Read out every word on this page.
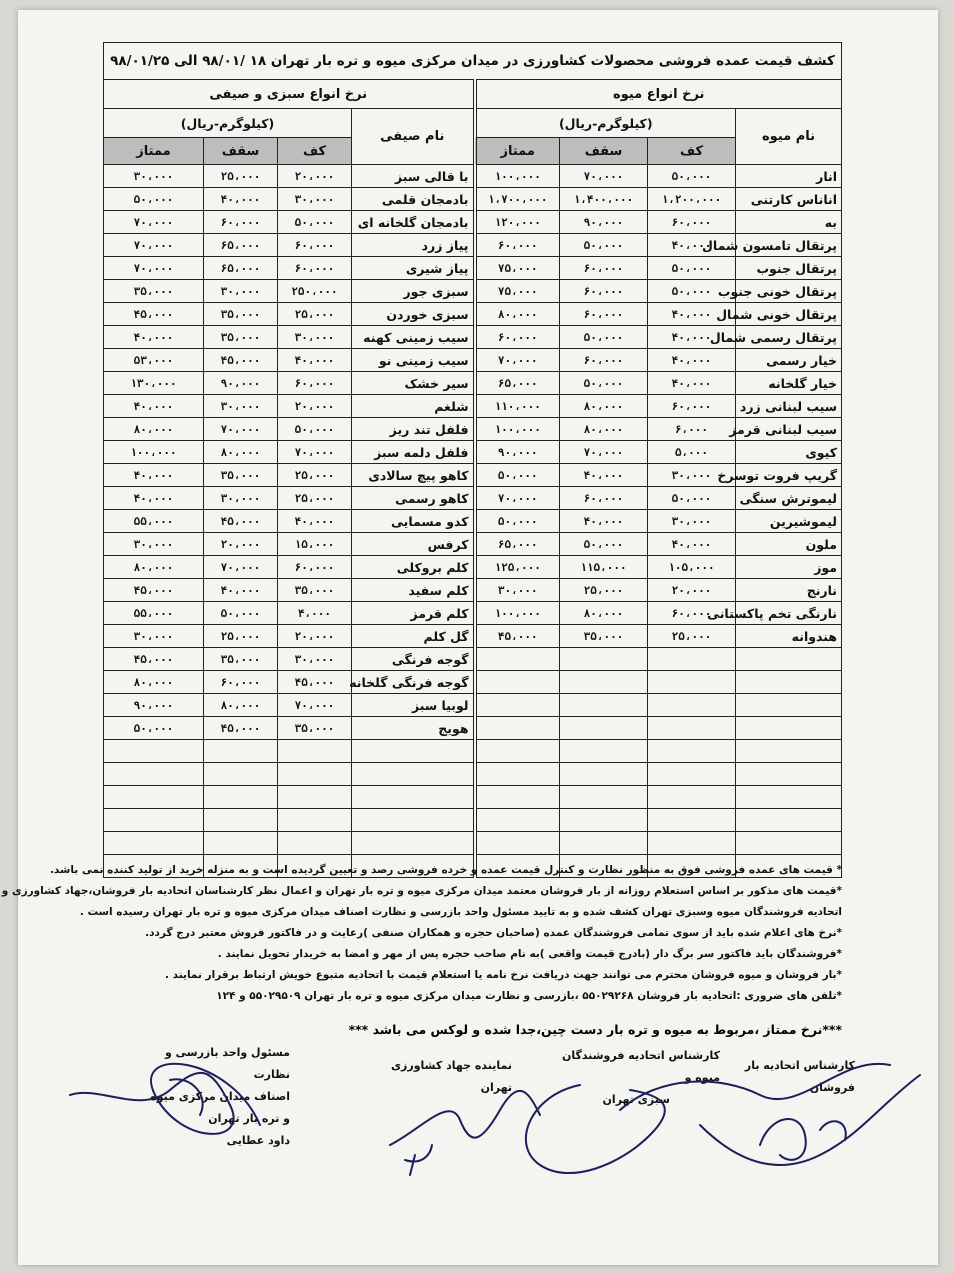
کشف قیمت عمده فروشی محصولات کشاورزی در میدان مرکزی میوه و تره بار تهران ۱۸ /۹۸/۰۱ الی ۹۸/۰۱/۲۵							
نرخ انواع میوه				نرخ انواع سبزی و صیفی			
نام میوه	(کیلوگرم-ریال)			نام صیفی	(کیلوگرم-ریال)		
	کف	سقف	ممتاز		کف	سقف	ممتاز
انار	۵۰،۰۰۰	۷۰،۰۰۰	۱۰۰،۰۰۰	با قالی سبز	۲۰،۰۰۰	۲۵،۰۰۰	۳۰،۰۰۰
اناناس کارتنی	۱،۲۰۰،۰۰۰	۱،۴۰۰،۰۰۰	۱،۷۰۰،۰۰۰	بادمجان قلمی	۳۰،۰۰۰	۴۰،۰۰۰	۵۰،۰۰۰
به	۶۰،۰۰۰	۹۰،۰۰۰	۱۲۰،۰۰۰	بادمجان گلخانه ای	۵۰،۰۰۰	۶۰،۰۰۰	۷۰،۰۰۰
پرتقال تامسون شمال	۴۰،۰۰۰	۵۰،۰۰۰	۶۰،۰۰۰	پیاز زرد	۶۰،۰۰۰	۶۵،۰۰۰	۷۰،۰۰۰
پرتقال جنوب	۵۰،۰۰۰	۶۰،۰۰۰	۷۵،۰۰۰	پیاز شیری	۶۰،۰۰۰	۶۵،۰۰۰	۷۰،۰۰۰
پرتقال خونی جنوب	۵۰،۰۰۰	۶۰،۰۰۰	۷۵،۰۰۰	سبزی جور	۲۵۰،۰۰۰	۳۰،۰۰۰	۳۵،۰۰۰
پرتقال خونی شمال	۴۰،۰۰۰	۶۰،۰۰۰	۸۰،۰۰۰	سبزی خوردن	۲۵،۰۰۰	۳۵،۰۰۰	۴۵،۰۰۰
پرتقال رسمی شمال	۴۰،۰۰۰	۵۰،۰۰۰	۶۰،۰۰۰	سیب زمینی کهنه	۳۰،۰۰۰	۳۵،۰۰۰	۴۰،۰۰۰
خیار رسمی	۴۰،۰۰۰	۶۰،۰۰۰	۷۰،۰۰۰	سیب زمینی نو	۴۰،۰۰۰	۴۵،۰۰۰	۵۳،۰۰۰
خیار گلخانه	۴۰،۰۰۰	۵۰،۰۰۰	۶۵،۰۰۰	سیر خشک	۶۰،۰۰۰	۹۰،۰۰۰	۱۳۰،۰۰۰
سیب لبنانی زرد	۶۰،۰۰۰	۸۰،۰۰۰	۱۱۰،۰۰۰	شلغم	۲۰،۰۰۰	۳۰،۰۰۰	۴۰،۰۰۰
سیب لبنانی قرمز	۶،۰۰۰	۸۰،۰۰۰	۱۰۰،۰۰۰	فلفل تند ریز	۵۰،۰۰۰	۷۰،۰۰۰	۸۰،۰۰۰
کیوی	۵،۰۰۰	۷۰،۰۰۰	۹۰،۰۰۰	فلفل دلمه سبز	۷۰،۰۰۰	۸۰،۰۰۰	۱۰۰،۰۰۰
گریپ فروت توسرخ	۳۰،۰۰۰	۴۰،۰۰۰	۵۰،۰۰۰	کاهو پیچ سالادی	۲۵،۰۰۰	۳۵،۰۰۰	۴۰،۰۰۰
لیموترش سنگی	۵۰،۰۰۰	۶۰،۰۰۰	۷۰،۰۰۰	کاهو رسمی	۲۵،۰۰۰	۳۰،۰۰۰	۴۰،۰۰۰
لیموشیرین	۳۰،۰۰۰	۴۰،۰۰۰	۵۰،۰۰۰	کدو مسمایی	۴۰،۰۰۰	۴۵،۰۰۰	۵۵،۰۰۰
ملون	۴۰،۰۰۰	۵۰،۰۰۰	۶۵،۰۰۰	کرفس	۱۵،۰۰۰	۲۰،۰۰۰	۳۰،۰۰۰
موز	۱۰۵،۰۰۰	۱۱۵،۰۰۰	۱۲۵،۰۰۰	کلم بروکلی	۶۰،۰۰۰	۷۰،۰۰۰	۸۰،۰۰۰
نارنج	۲۰،۰۰۰	۲۵،۰۰۰	۳۰،۰۰۰	کلم سفید	۳۵،۰۰۰	۴۰،۰۰۰	۴۵،۰۰۰
نارنگی تخم پاکستانی	۶۰،۰۰۰	۸۰،۰۰۰	۱۰۰،۰۰۰	کلم قرمز	۴،۰۰۰	۵۰،۰۰۰	۵۵،۰۰۰
هندوانه	۲۵،۰۰۰	۳۵،۰۰۰	۴۵،۰۰۰	گل کلم	۲۰،۰۰۰	۲۵،۰۰۰	۳۰،۰۰۰
				گوجه فرنگی	۳۰،۰۰۰	۳۵،۰۰۰	۴۵،۰۰۰
				گوجه فرنگی گلخانه	۴۵،۰۰۰	۶۰،۰۰۰	۸۰،۰۰۰
				لوبیا سبز	۷۰،۰۰۰	۸۰،۰۰۰	۹۰،۰۰۰
				هویج	۳۵،۰۰۰	۴۵،۰۰۰	۵۰،۰۰۰

* قیمت های عمده فروشی فوق به منظور نظارت و کنترل قیمت عمده و خرده فروشی رصد و تعیین گردیده است و به منزله خرید از تولید کننده نمی باشد.

*قیمت های مذکور بر اساس استعلام روزانه از بار فروشان معتمد میدان مرکزی میوه و تره بار تهران و اعمال نظر کارشناسان اتحادیه بار فروشان،جهاد کشاورزی و

اتحادیه فروشندگان میوه وسبزی تهران کشف شده و به تایید مسئول واحد بازرسی و نظارت اصناف میدان مرکزی میوه و تره بار تهران رسیده است .

*نرخ های اعلام شده باید از سوی تمامی فروشندگان عمده (صاحبان حجره و همکاران صنفی )رعایت و در فاکتور فروش معتبر درج گردد.

*فروشندگان باید فاکتور سر برگ دار (بادرج قیمت واقعی )به نام صاحب حجره پس از مهر و امضا به خریدار تحویل نمایند .

*بار فروشان و میوه فروشان محترم می توانند جهت دریافت نرخ نامه یا استعلام قیمت با اتحادیه متبوع خویش ارتباط برقرار نمایند .

*تلفن های ضروری :اتحادیه بار فروشان ۵۵۰۲۹۲۶۸ ،بازرسی و نظارت میدان مرکزی میوه و تره بار تهران ۵۵۰۲۹۵۰۹ و ۱۲۴

***نرخ ممتاز ،مربوط به میوه و تره بار دست چین،جدا شده و لوکس می باشد ***
مسئول واحد بازرسی و نظارت
اصناف میدان مرکزی میوه و تره بار تهران
داود عطایی
نماینده جهاد کشاورزی تهران
کارشناس اتحادیه فروشندگان میوه و
سبزی تهران
کارشناس اتحادیه بار فروشان
